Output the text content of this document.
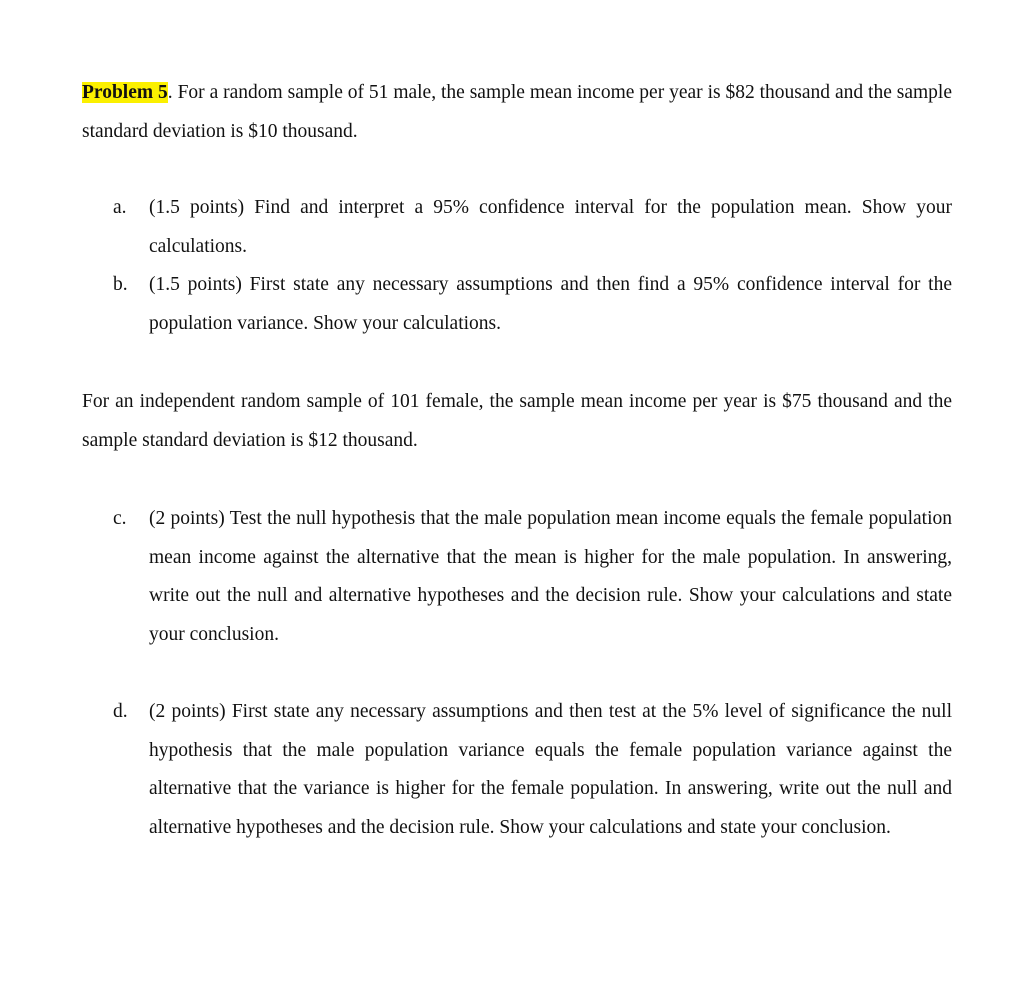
Problem 5. For a random sample of 51 male, the sample mean income per year is $82 thousand and the sample standard deviation is $10 thousand.

a. (1.5 points) Find and interpret a 95% confidence interval for the population mean. Show your calculations.
b. (1.5 points) First state any necessary assumptions and then find a 95% confidence interval for the population variance. Show your calculations.

For an independent random sample of 101 female, the sample mean income per year is $75 thousand and the sample standard deviation is $12 thousand.

c. (2 points) Test the null hypothesis that the male population mean income equals the female population mean income against the alternative that the mean is higher for the male population. In answering, write out the null and alternative hypotheses and the decision rule. Show your calculations and state your conclusion.
d. (2 points) First state any necessary assumptions and then test at the 5% level of significance the null hypothesis that the male population variance equals the female population variance against the alternative that the variance is higher for the female population. In answering, write out the null and alternative hypotheses and the decision rule. Show your calculations and state your conclusion.
